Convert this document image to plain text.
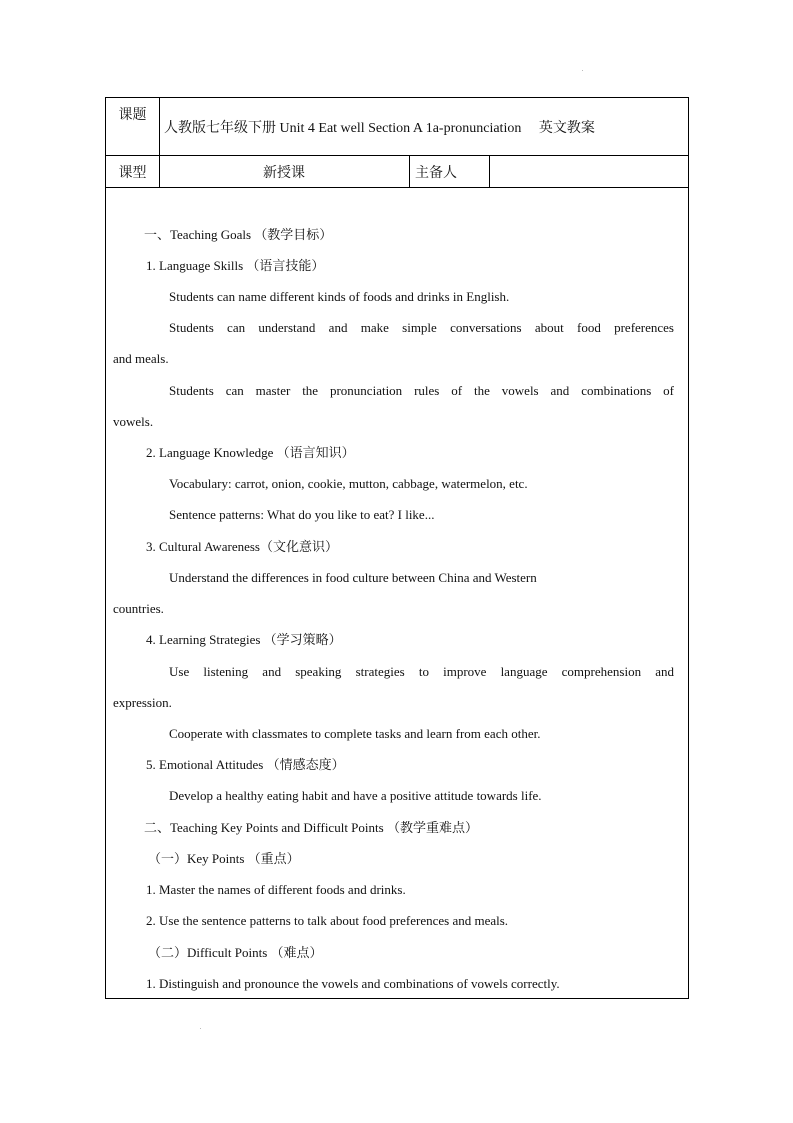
课题
人教版七年级下册 Unit 4 Eat well Section A 1a-pronunciation　 英文教案
课型	新授课	主备人
一、Teaching Goals （教学目标）
1. Language Skills （语言技能）
Students can name different kinds of foods and drinks in English.
Students can understand and make simple conversations about food preferences
and meals.
Students can master the pronunciation rules of the vowels and combinations of
vowels.
2. Language Knowledge （语言知识）
Vocabulary: carrot, onion, cookie, mutton, cabbage, watermelon, etc.
Sentence patterns: What do you like to eat? I like...
3. Cultural Awareness（文化意识）
Understand the differences in food culture between China and Western
countries.
4. Learning Strategies （学习策略）
Use listening and speaking strategies to improve language comprehension and
expression.
Cooperate with classmates to complete tasks and learn from each other.
5. Emotional Attitudes （情感态度）
Develop a healthy eating habit and have a positive attitude towards life.
二、Teaching Key Points and Difficult Points （教学重难点）
（一）Key Points （重点）
1. Master the names of different foods and drinks.
2. Use the sentence patterns to talk about food preferences and meals.
（二）Difficult Points （难点）
1. Distinguish and pronounce the vowels and combinations of vowels correctly.
